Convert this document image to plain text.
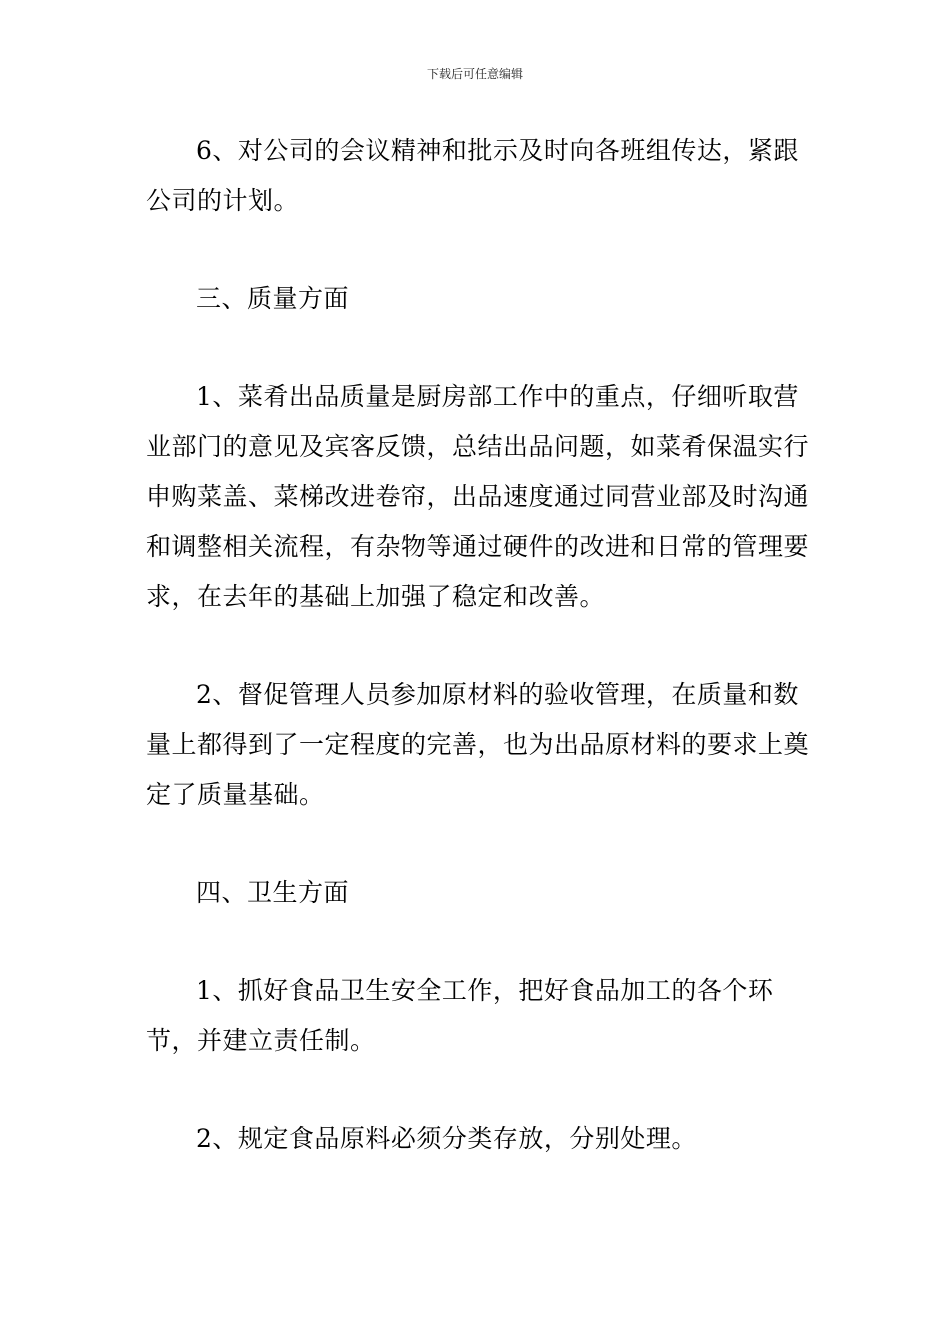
下载后可任意编辑

6、对公司的会议精神和批示及时向各班组传达，紧跟公司的计划。

三、质量方面

1、菜肴出品质量是厨房部工作中的重点，仔细听取营业部门的意见及宾客反馈，总结出品问题，如菜肴保温实行申购菜盖、菜梯改进卷帘，出品速度通过同营业部及时沟通和调整相关流程，有杂物等通过硬件的改进和日常的管理要求，在去年的基础上加强了稳定和改善。

2、督促管理人员参加原材料的验收管理，在质量和数量上都得到了一定程度的完善，也为出品原材料的要求上奠定了质量基础。

四、卫生方面

1、抓好食品卫生安全工作，把好食品加工的各个环节，并建立责任制。

2、规定食品原料必须分类存放，分别处理。
